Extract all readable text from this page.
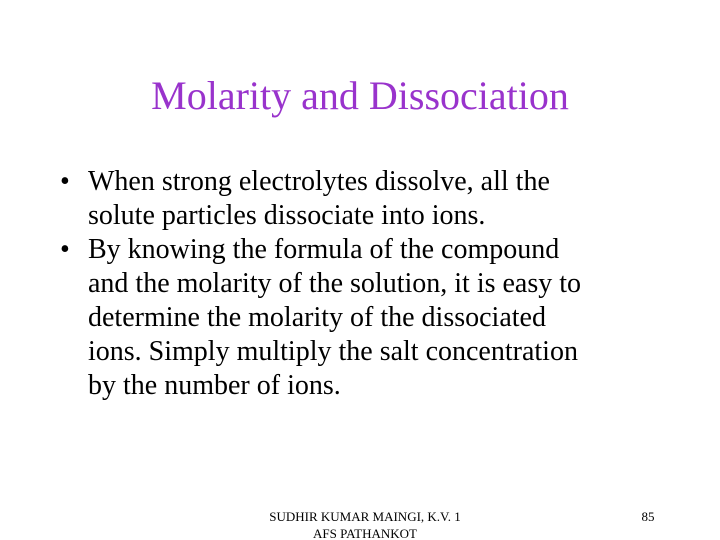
Molarity and Dissociation
• When strong electrolytes dissolve, all the
solute particles dissociate into ions.
• By knowing the formula of the compound
and the molarity of the solution, it is easy to
determine the molarity of the dissociated
ions. Simply multiply the salt concentration
by the number of ions.
SUDHIR KUMAR MAINGI, K.V. 1
AFS PATHANKOT
85
